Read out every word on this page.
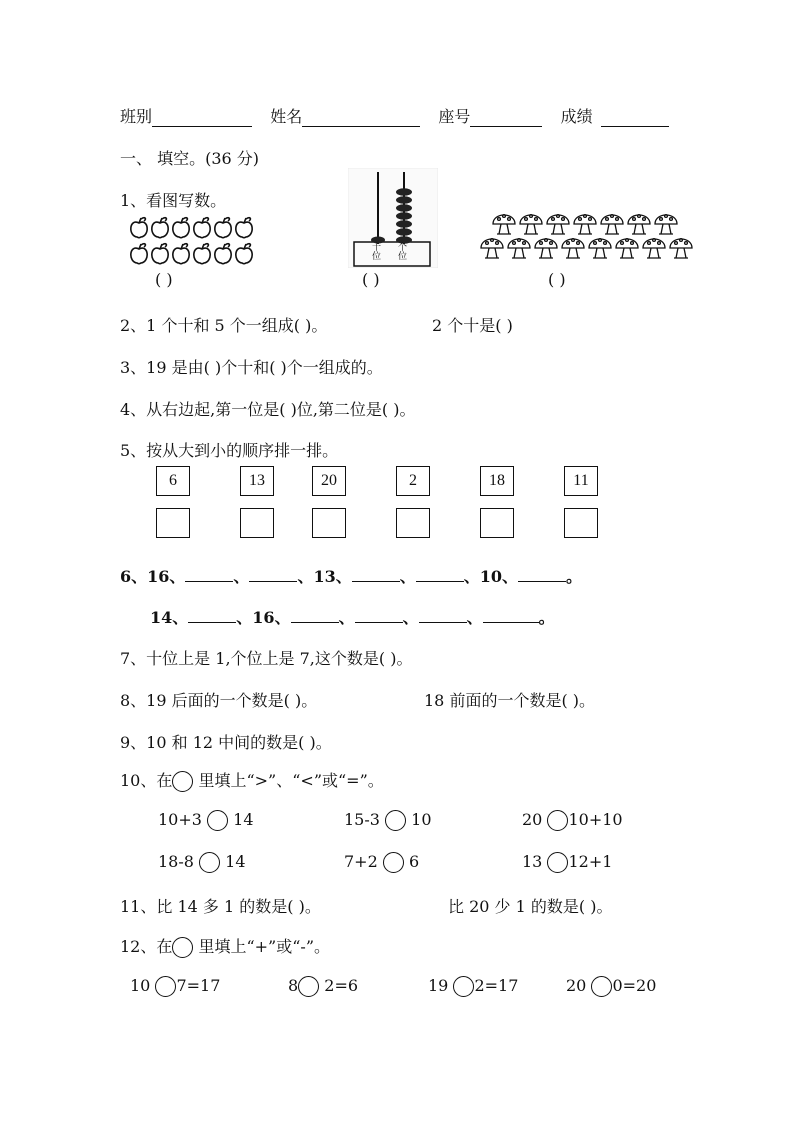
班别	姓名	座号	成绩
一、 填空。(36 分)
1、看图写数。
( )
十位
个位
( )	( )
2、1 个十和 5 个一组成( )。	2 个十是( )
3、19 是由( )个十和( )个一组成的。
4、从右边起,第一位是( )位,第二位是( )。
5、按从大到小的顺序排一排。
6	13	20	2	18	11
6、16、	、	、13、	、	、10、	。
14、	、16、	、	、	、	。
7、十位上是 1,个位上是 7,这个数是( )。
8、19 后面的一个数是( )。	18 前面的一个数是( )。
9、10 和 12 中间的数是( )。
10、在 里填上“>”、“<”或“=”。
10+3 14	15-3 10	20 10+10
18-8 14	7+2 6	13 12+1
11、比 14 多 1 的数是( )。	比 20 少 1 的数是( )。
12、在 里填上“+”或“-”。
10 7=17	8 2=6	19 2=17	20 0=20
